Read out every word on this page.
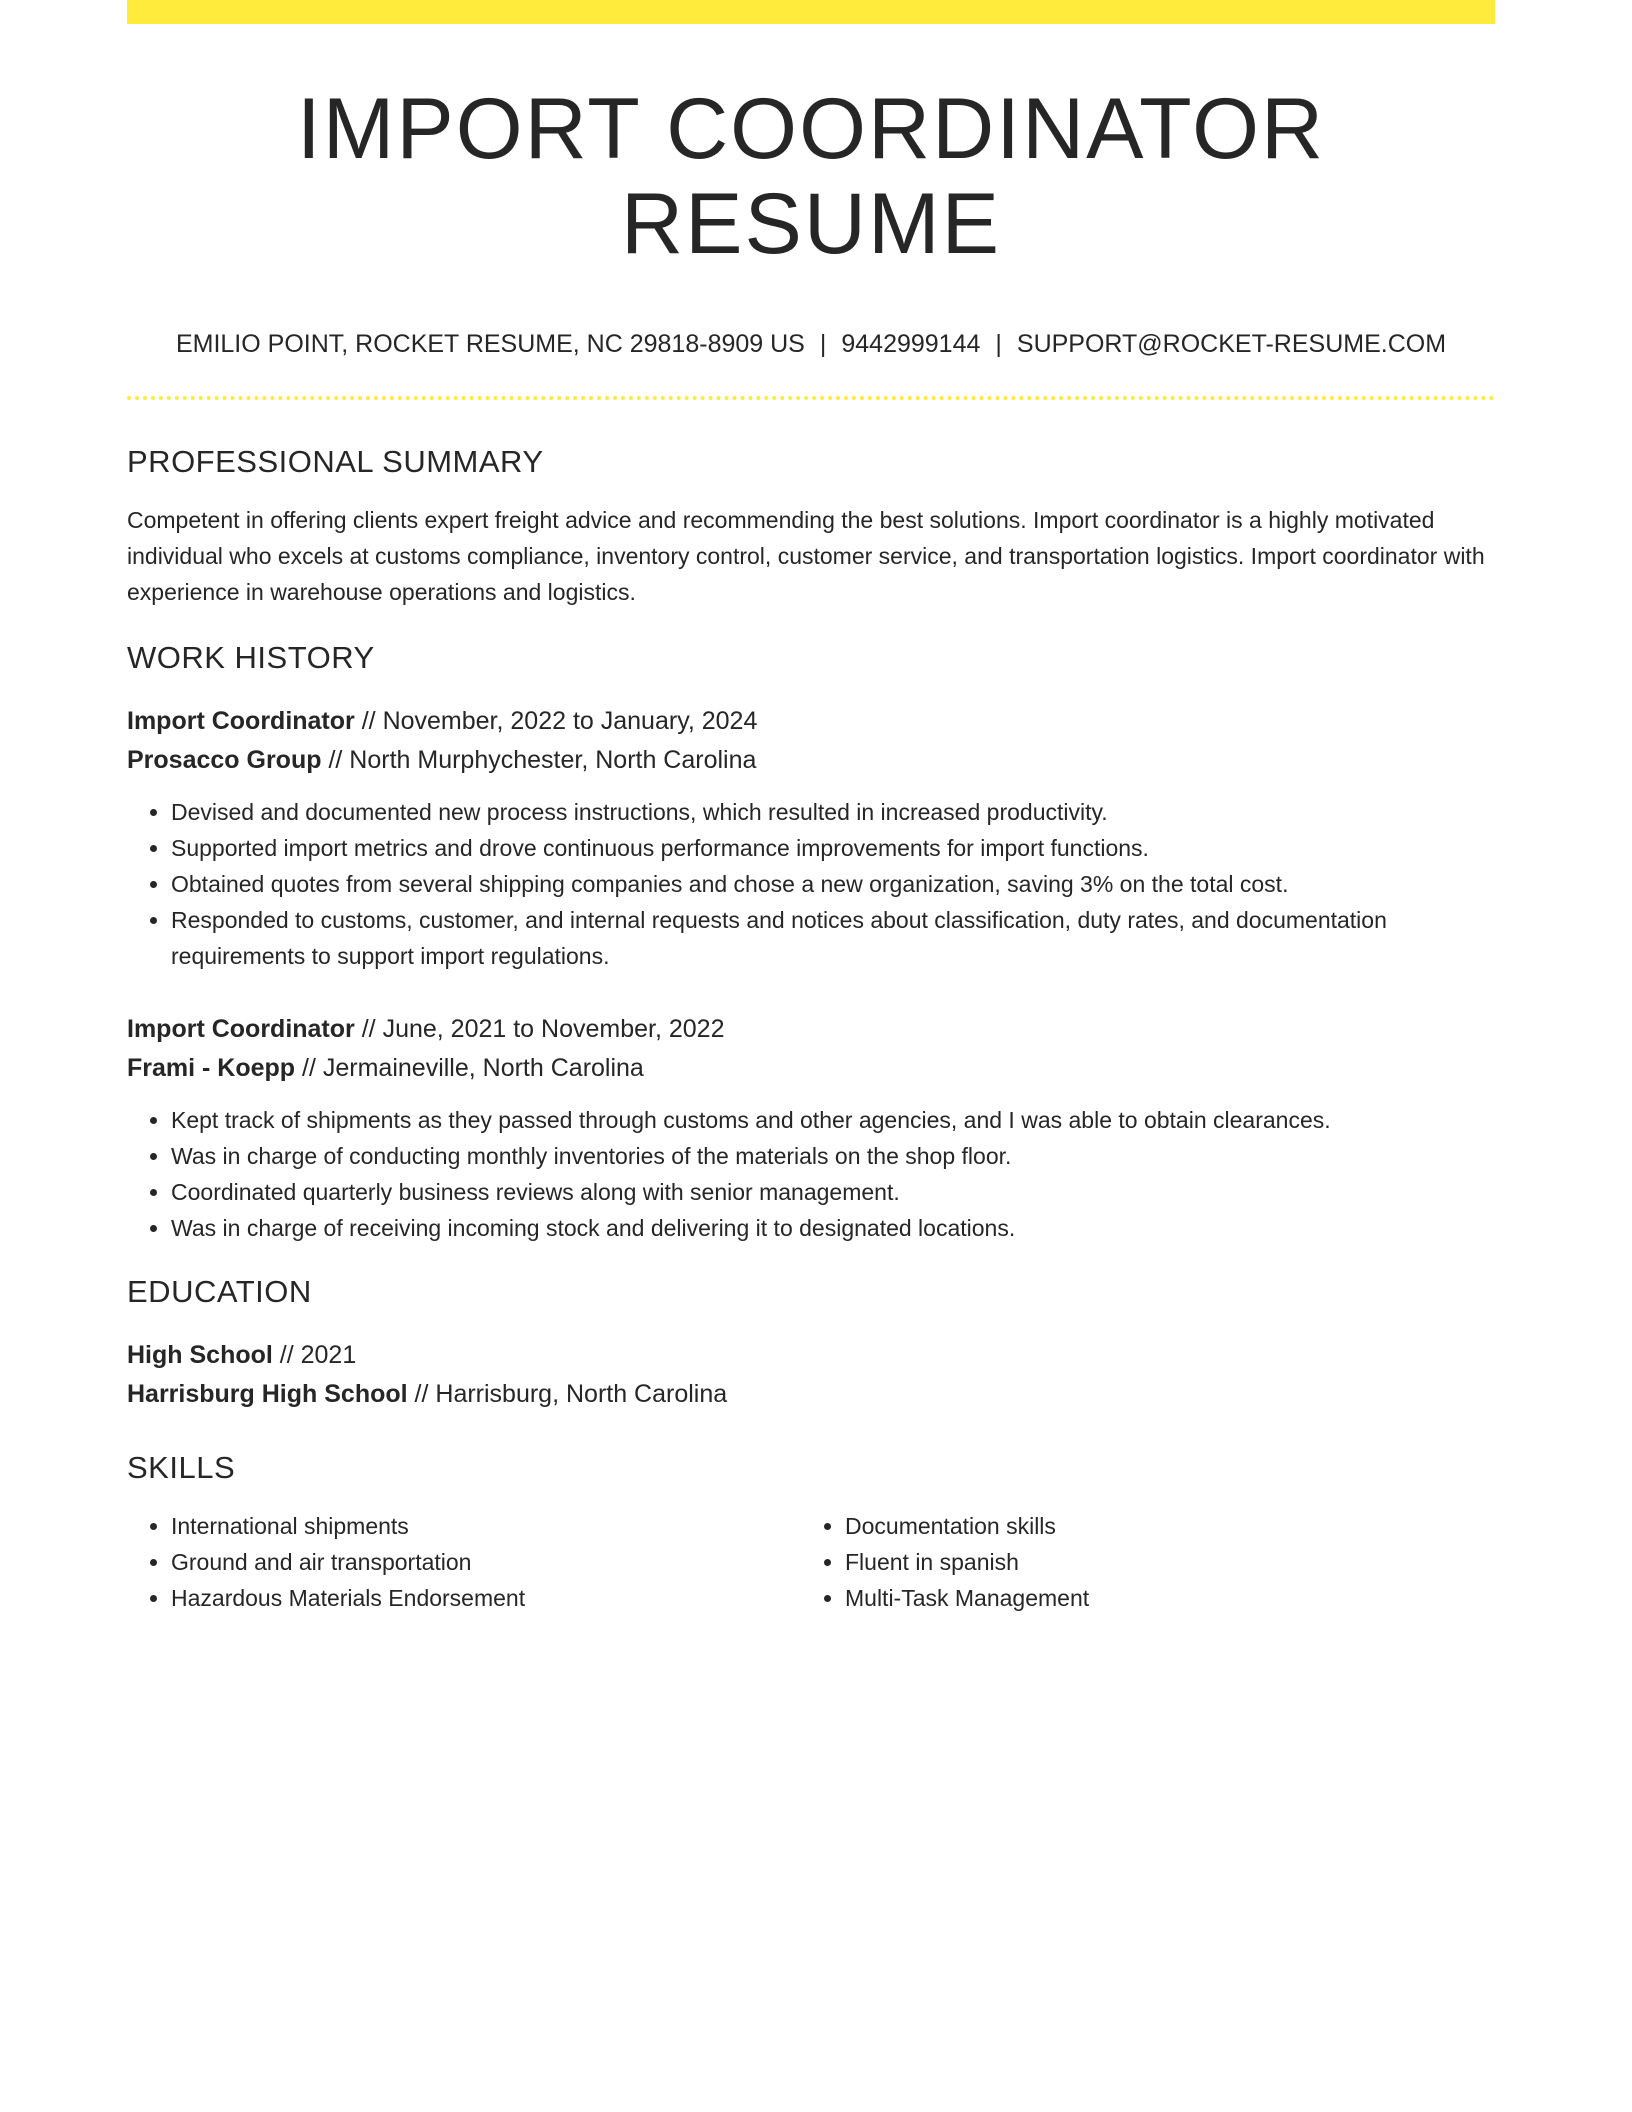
IMPORT COORDINATOR RESUME
EMILIO POINT, ROCKET RESUME, NC 29818-8909 US | 9442999144 | SUPPORT@ROCKET-RESUME.COM
PROFESSIONAL SUMMARY
Competent in offering clients expert freight advice and recommending the best solutions. Import coordinator is a highly motivated individual who excels at customs compliance, inventory control, customer service, and transportation logistics. Import coordinator with experience in warehouse operations and logistics.
WORK HISTORY
Import Coordinator // November, 2022 to January, 2024
Prosacco Group // North Murphychester, North Carolina
• Devised and documented new process instructions, which resulted in increased productivity.
• Supported import metrics and drove continuous performance improvements for import functions.
• Obtained quotes from several shipping companies and chose a new organization, saving 3% on the total cost.
• Responded to customs, customer, and internal requests and notices about classification, duty rates, and documentation requirements to support import regulations.
Import Coordinator // June, 2021 to November, 2022
Frami - Koepp // Jermaineville, North Carolina
• Kept track of shipments as they passed through customs and other agencies, and I was able to obtain clearances.
• Was in charge of conducting monthly inventories of the materials on the shop floor.
• Coordinated quarterly business reviews along with senior management.
• Was in charge of receiving incoming stock and delivering it to designated locations.
EDUCATION
High School // 2021
Harrisburg High School // Harrisburg, North Carolina
SKILLS
• International shipments
• Ground and air transportation
• Hazardous Materials Endorsement
• Documentation skills
• Fluent in spanish
• Multi-Task Management
